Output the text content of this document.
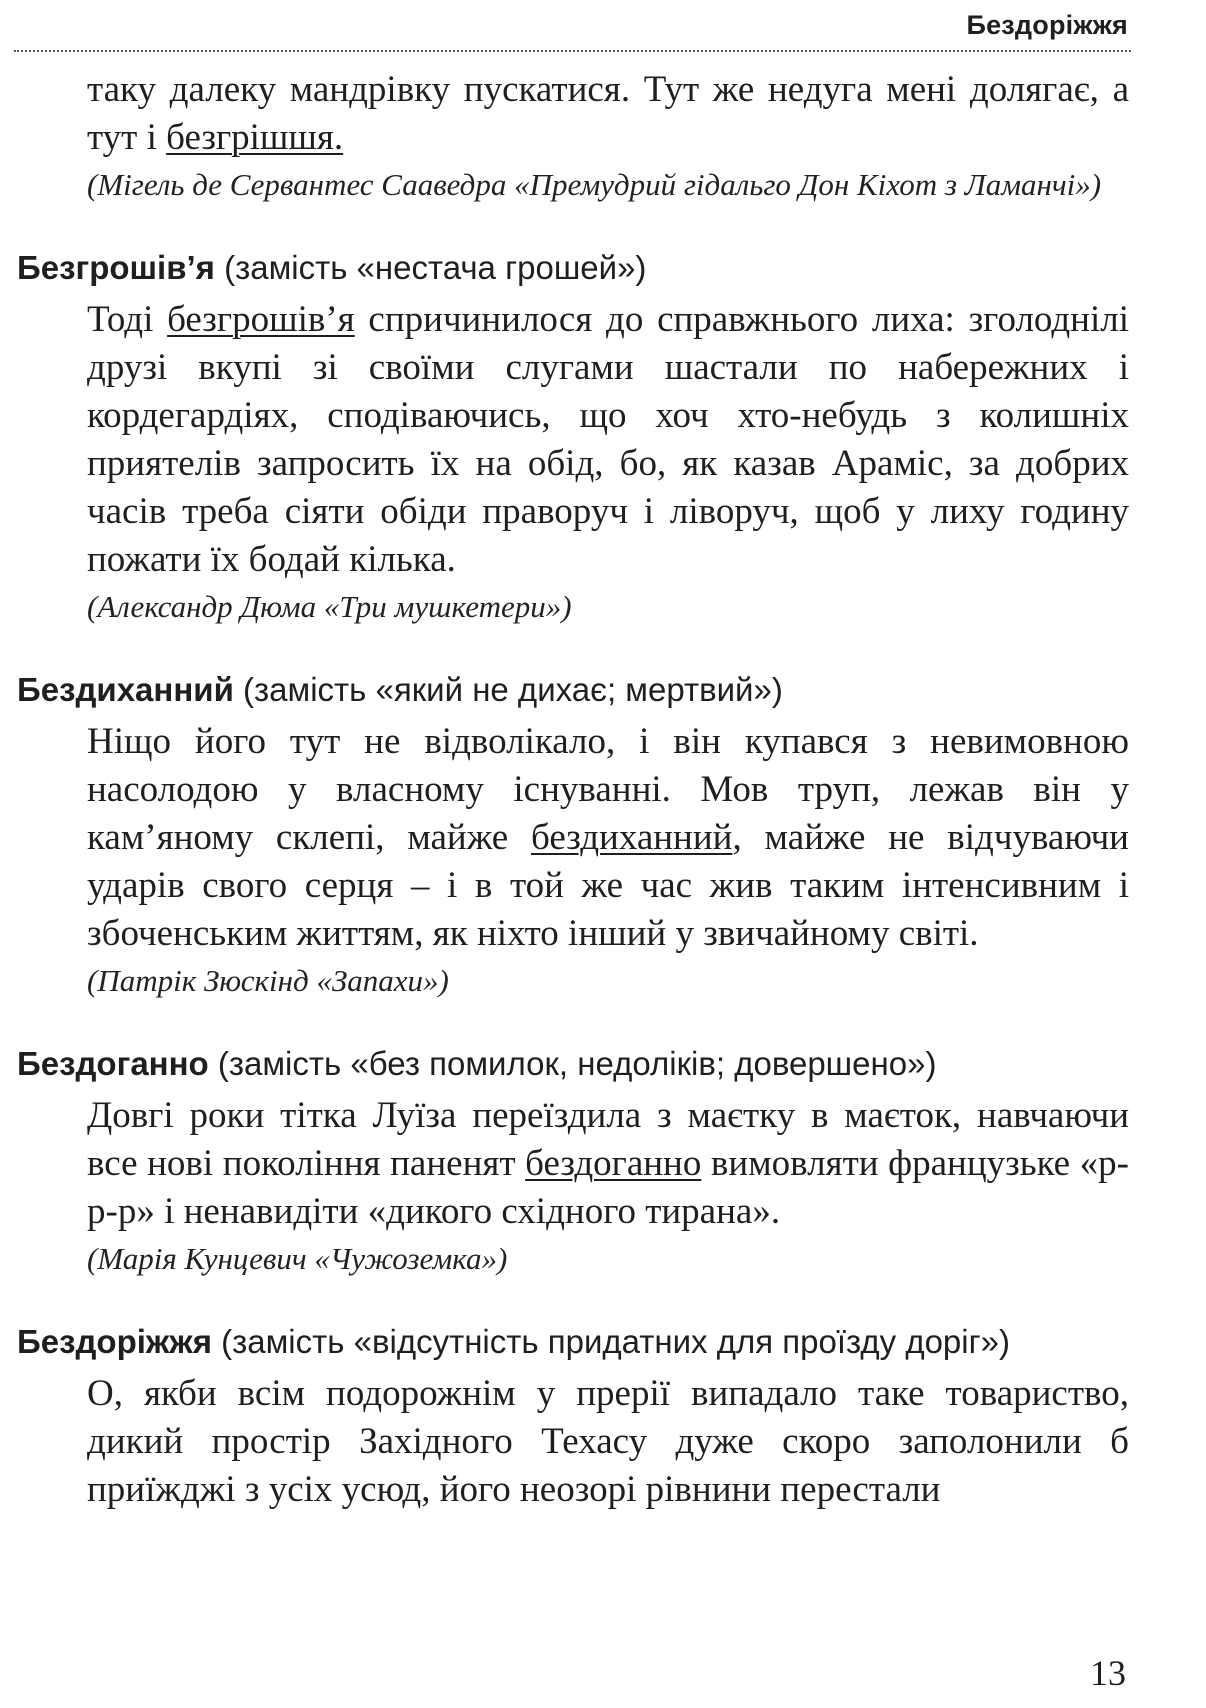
Бездоріжжя

таку далеку мандрівку пускатися. Тут же недуга мені долягає, а тут і безгрішшя.

(Мігель де Сервантес Сааведра «Премудрий гідальго Дон Кіхот з Ламанчі»)

Безгрошів’я (замість «нестача грошей»)

Тоді безгрошів’я спричинилося до справжнього лиха: зголоднілі друзі вкупі зі своїми слугами шастали по набережних і кордегардіях, сподіваючись, що хоч хто-небудь з колишніх приятелів запросить їх на обід, бо, як казав Араміс, за добрих часів треба сіяти обіди праворуч і ліворуч, щоб у лиху годину пожати їх бодай кілька.

(Александр Дюма «Три мушкетери»)

Бездиханний (замість «який не дихає; мертвий»)

Ніщо його тут не відволікало, і він купався з невимовною насолодою у власному існуванні. Мов труп, лежав він у кам’яному склепі, майже бездиханний, майже не відчуваючи ударів свого серця – і в той же час жив таким інтенсивним і збоченським життям, як ніхто інший у звичайному світі.

(Патрік Зюскінд «Запахи»)

Бездоганно (замість «без помилок, недоліків; довершено»)

Довгі роки тітка Луїза переїздила з маєтку в маєток, навчаючи все нові покоління паненят бездоганно вимовляти французьке «р-р-р» і ненавидіти «дикого східного тирана».

(Марія Кунцевич «Чужоземка»)

Бездоріжжя (замість «відсутність придатних для проїзду доріг»)

О, якби всім подорожнім у прерії випадало таке товариство, дикий простір Західного Техасу дуже скоро заполонили б приїжджі з усіх усюд, його неозорі рівнини перестали

13
